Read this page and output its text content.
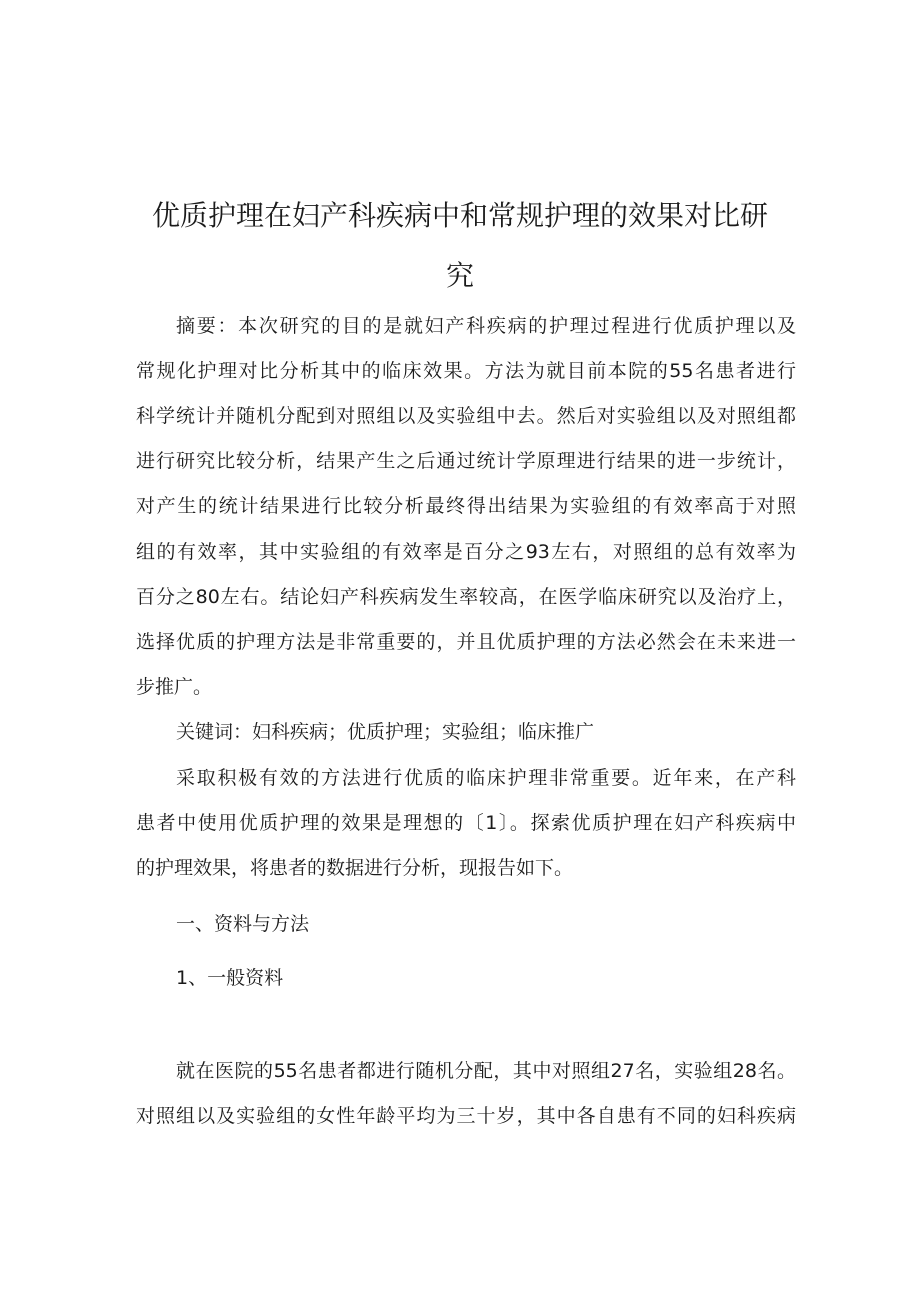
优质护理在妇产科疾病中和常规护理的效果对比研
究
摘要：本次研究的目的是就妇产科疾病的护理过程进行优质护理以及
常规化护理对比分析其中的临床效果。方法为就目前本院的55名患者进行
科学统计并随机分配到对照组以及实验组中去。然后对实验组以及对照组都
进行研究比较分析，结果产生之后通过统计学原理进行结果的进一步统计，
对产生的统计结果进行比较分析最终得出结果为实验组的有效率高于对照
组的有效率，其中实验组的有效率是百分之93左右，对照组的总有效率为
百分之80左右。结论妇产科疾病发生率较高，在医学临床研究以及治疗上，
选择优质的护理方法是非常重要的，并且优质护理的方法必然会在未来进一
步推广。
关键词：妇科疾病；优质护理；实验组；临床推广
采取积极有效的方法进行优质的临床护理非常重要。近年来，在产科
患者中使用优质护理的效果是理想的〔1〕。探索优质护理在妇产科疾病中
的护理效果，将患者的数据进行分析，现报告如下。
一、资料与方法
1、一般资料
就在医院的55名患者都进行随机分配，其中对照组27名，实验组28名。
对照组以及实验组的女性年龄平均为三十岁，其中各自患有不同的妇科疾病
